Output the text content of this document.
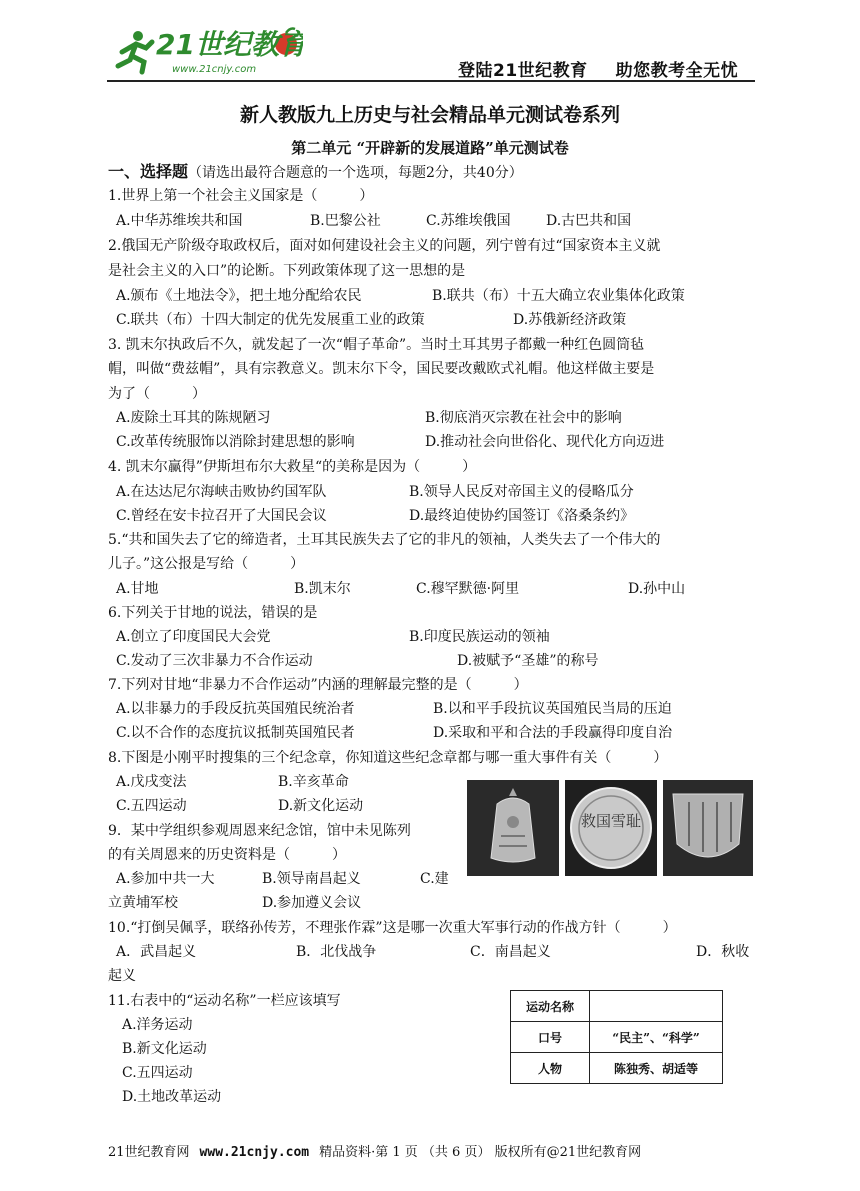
21世纪教育
www.21cnjy.com	登陆21世纪教育 助您教考全无忧
新人教版九上历史与社会精品单元测试卷系列
第二单元 “开辟新的发展道路”单元测试卷
一、选择题（请选出最符合题意的一个选项，每题2分，共40分）
1.世界上第一个社会主义国家是（　　　）
A.中华苏维埃共和国	B.巴黎公社	C.苏维埃俄国	D.古巴共和国
2.俄国无产阶级夺取政权后，面对如何建设社会主义的问题，列宁曾有过“国家资本主义就
是社会主义的入口”的论断。下列政策体现了这一思想的是
A.颁布《土地法令》，把土地分配给农民	B.联共（布）十五大确立农业集体化政策
C.联共（布）十四大制定的优先发展重工业的政策	D.苏俄新经济政策
3. 凯末尔执政后不久，就发起了一次“帽子革命”。当时土耳其男子都戴一种红色圆筒毡
帽，叫做“费兹帽”，具有宗教意义。凯末尔下令，国民要改戴欧式礼帽。他这样做主要是
为了（　　　）
A.废除土耳其的陈规陋习	B.彻底消灭宗教在社会中的影响
C.改革传统服饰以消除封建思想的影响	D.推动社会向世俗化、现代化方向迈进
4. 凯末尔赢得”伊斯坦布尔大救星“的美称是因为（　　　）
A.在达达尼尔海峡击败协约国军队	B.领导人民反对帝国主义的侵略瓜分
C.曾经在安卡拉召开了大国民会议	D.最终迫使协约国签订《洛桑条约》
5.“共和国失去了它的缔造者，土耳其民族失去了它的非凡的领袖，人类失去了一个伟大的
儿子。”这公报是写给（　　　）
A.甘地	B.凯末尔	C.穆罕默德·阿里	D.孙中山
6.下列关于甘地的说法，错误的是
A.创立了印度国民大会党	B.印度民族运动的领袖
C.发动了三次非暴力不合作运动	D.被赋予“圣雄”的称号
7.下列对甘地“非暴力不合作运动”内涵的理解最完整的是（　　　）
A.以非暴力的手段反抗英国殖民统治者	B.以和平手段抗议英国殖民当局的压迫
C.以不合作的态度抗议抵制英国殖民者	D.采取和平和合法的手段赢得印度自治
8.下图是小刚平时搜集的三个纪念章，你知道这些纪念章都与哪一重大事件有关（　　　）
A.戊戌变法	B.辛亥革命
C.五四运动	D.新文化运动
救国雪耻
9．某中学组织参观周恩来纪念馆，馆中未见陈列
的有关周恩来的历史资料是（　　　）
A.参加中共一大	B.领导南昌起义	C.建
立黄埔军校	D.参加遵义会议
10.“打倒吴佩孚，联络孙传芳，不理张作霖”这是哪一次重大军事行动的作战方针（　　　）
A．武昌起义	B．北伐战争	C．南昌起义	D．秋收
起义
11.右表中的“运动名称”一栏应该填写
A.洋务运动
B.新文化运动
C.五四运动
D.土地改革运动
运动名称	
口号	“民主”、“科学”
人物	陈独秀、胡适等
21世纪教育网 www.21cnjy.com 精品资料·第 1 页 （共 6 页） 版权所有@21世纪教育网
